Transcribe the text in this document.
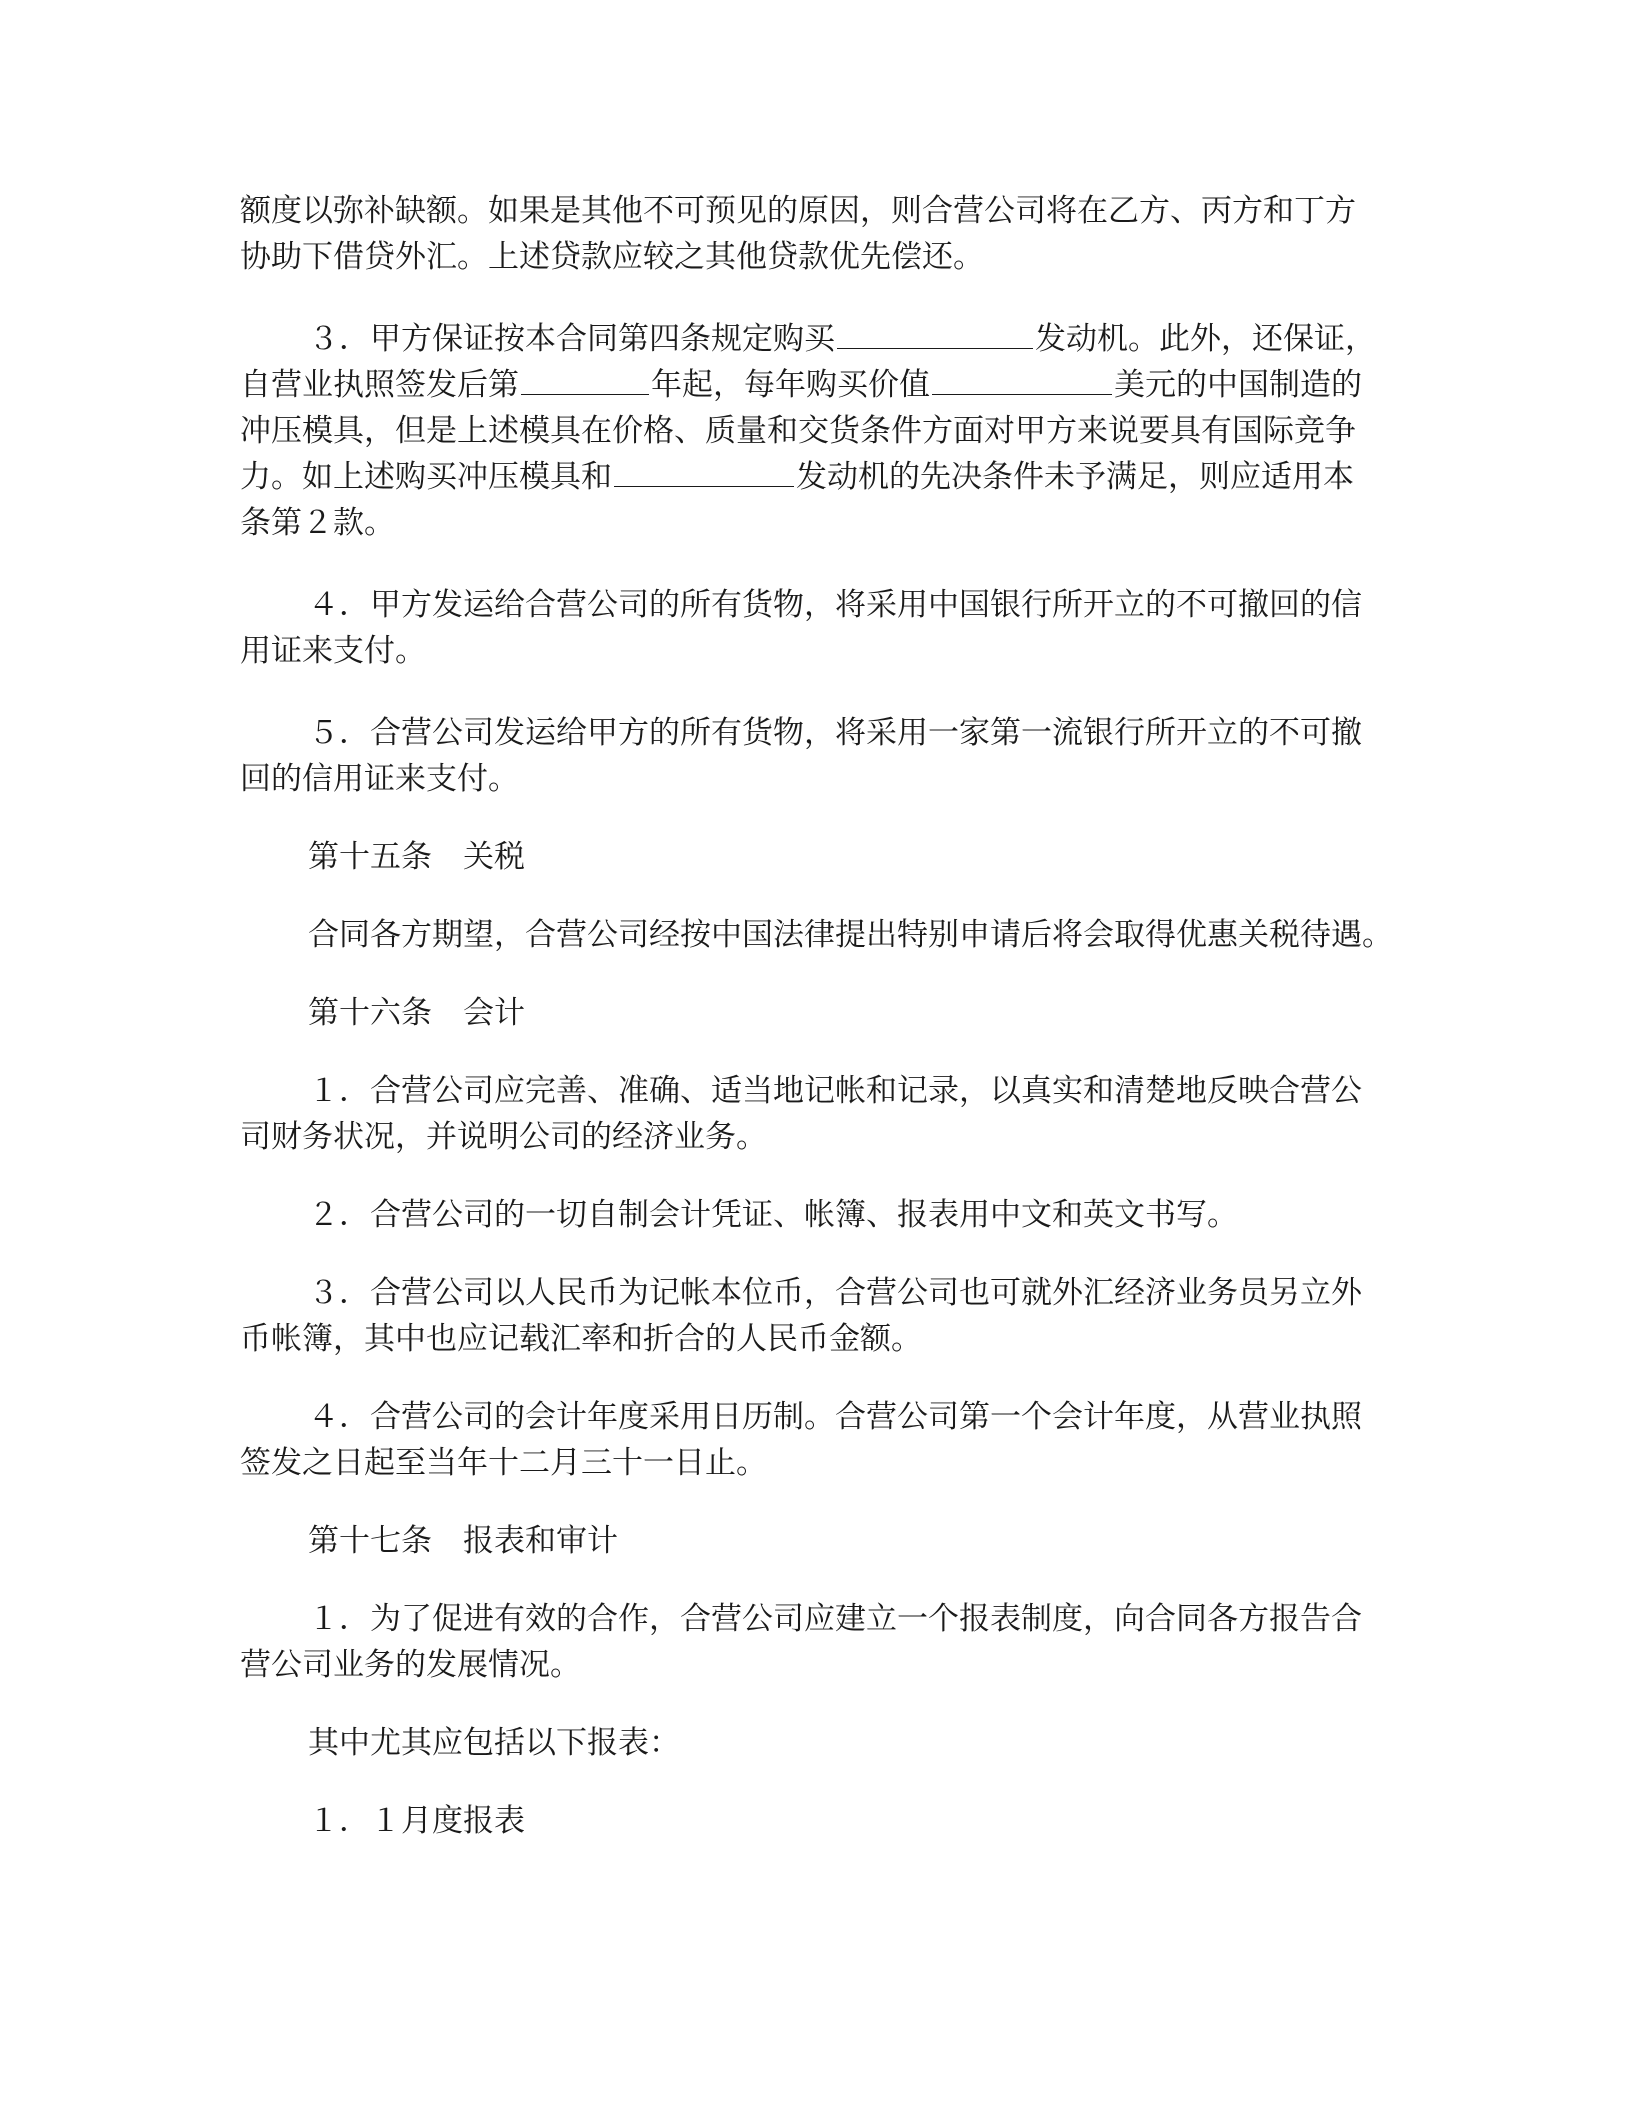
额度以弥补缺额。如果是其他不可预见的原因，则合营公司将在乙方、丙方和丁方
协助下借贷外汇。上述贷款应较之其他贷款优先偿还。

３．甲方保证按本合同第四条规定购买	发动机。此外，还保证，
自营业执照签发后第	年起，每年购买价值	美元的中国制造的
冲压模具，但是上述模具在价格、质量和交货条件方面对甲方来说要具有国际竞争
力。如上述购买冲压模具和	发动机的先决条件未予满足，则应适用本
条第２款。

４．甲方发运给合营公司的所有货物，将采用中国银行所开立的不可撤回的信
用证来支付。

５．合营公司发运给甲方的所有货物，将采用一家第一流银行所开立的不可撤
回的信用证来支付。

第十五条　关税

合同各方期望，合营公司经按中国法律提出特别申请后将会取得优惠关税待遇。

第十六条　会计

１．合营公司应完善、准确、适当地记帐和记录，以真实和清楚地反映合营公
司财务状况，并说明公司的经济业务。

２．合营公司的一切自制会计凭证、帐簿、报表用中文和英文书写。

３．合营公司以人民币为记帐本位币，合营公司也可就外汇经济业务员另立外
币帐簿，其中也应记载汇率和折合的人民币金额。

４．合营公司的会计年度采用日历制。合营公司第一个会计年度，从营业执照
签发之日起至当年十二月三十一日止。

第十七条　报表和审计

１．为了促进有效的合作，合营公司应建立一个报表制度，向合同各方报告合
营公司业务的发展情况。

其中尤其应包括以下报表：

１．１月度报表
